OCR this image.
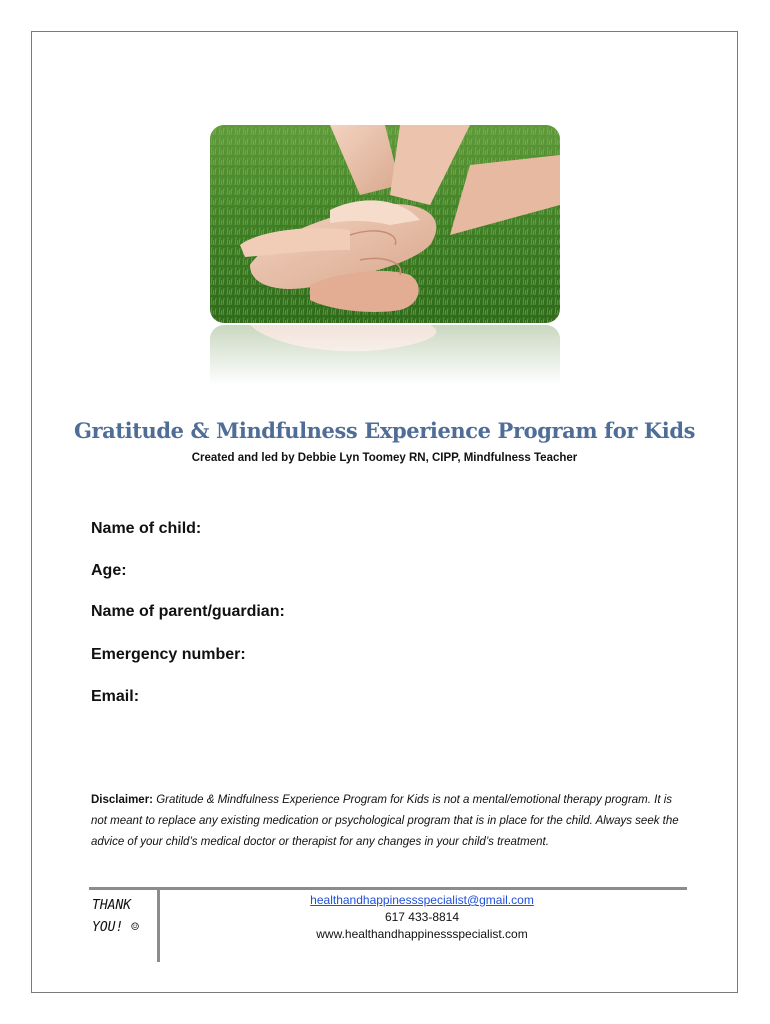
Gratitude & Mindfulness Experience Program for Kids
Created and led by Debbie Lyn Toomey RN, CIPP, Mindfulness Teacher
Name of child:
Age:
Name of parent/guardian:
Emergency number:
Email:
Disclaimer: Gratitude & Mindfulness Experience Program for Kids is not a mental/emotional therapy program. It is not meant to replace any existing medication or psychological program that is in place for the child. Always seek the advice of your child’s medical doctor or therapist for any changes in your child’s treatment.
THANK
YOU! ☺
healthandhappinessspecialist@gmail.com
617 433-8814
www.healthandhappinessspecialist.com
